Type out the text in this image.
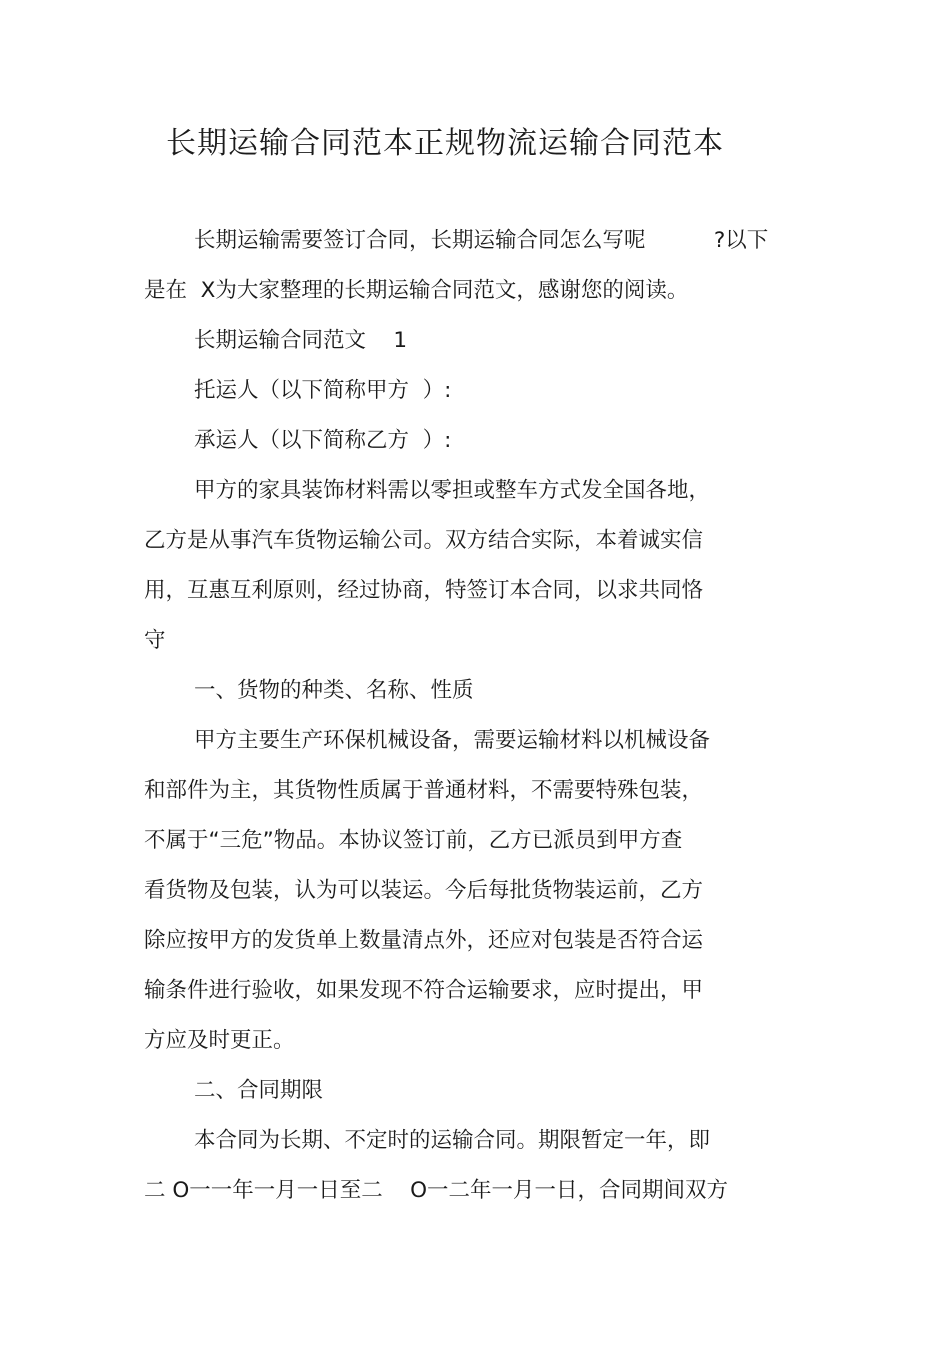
长期运输合同范本正规物流运输合同范本

长期运输需要签订合同，长期运输合同怎么写呢          ?以下

是在  X为大家整理的长期运输合同范文，感谢您的阅读。

长期运输合同范文    1

托运人（以下简称甲方  ）:

承运人（以下简称乙方  ）:

甲方的家具装饰材料需以零担或整车方式发全国各地，

乙方是从事汽车货物运输公司。双方结合实际，本着诚实信

用，互惠互利原则，经过协商，特签订本合同，以求共同恪

守

一、货物的种类、名称、性质

甲方主要生产环保机械设备，需要运输材料以机械设备

和部件为主，其货物性质属于普通材料，不需要特殊包装，

不属于“三危”物品。本协议签订前，乙方已派员到甲方查

看货物及包装，认为可以装运。今后每批货物装运前，乙方

除应按甲方的发货单上数量清点外，还应对包装是否符合运

输条件进行验收，如果发现不符合运输要求，应时提出，甲

方应及时更正。

二、合同期限

本合同为长期、不定时的运输合同。期限暂定一年，即

二 O一一年一月一日至二    O一二年一月一日，合同期间双方
